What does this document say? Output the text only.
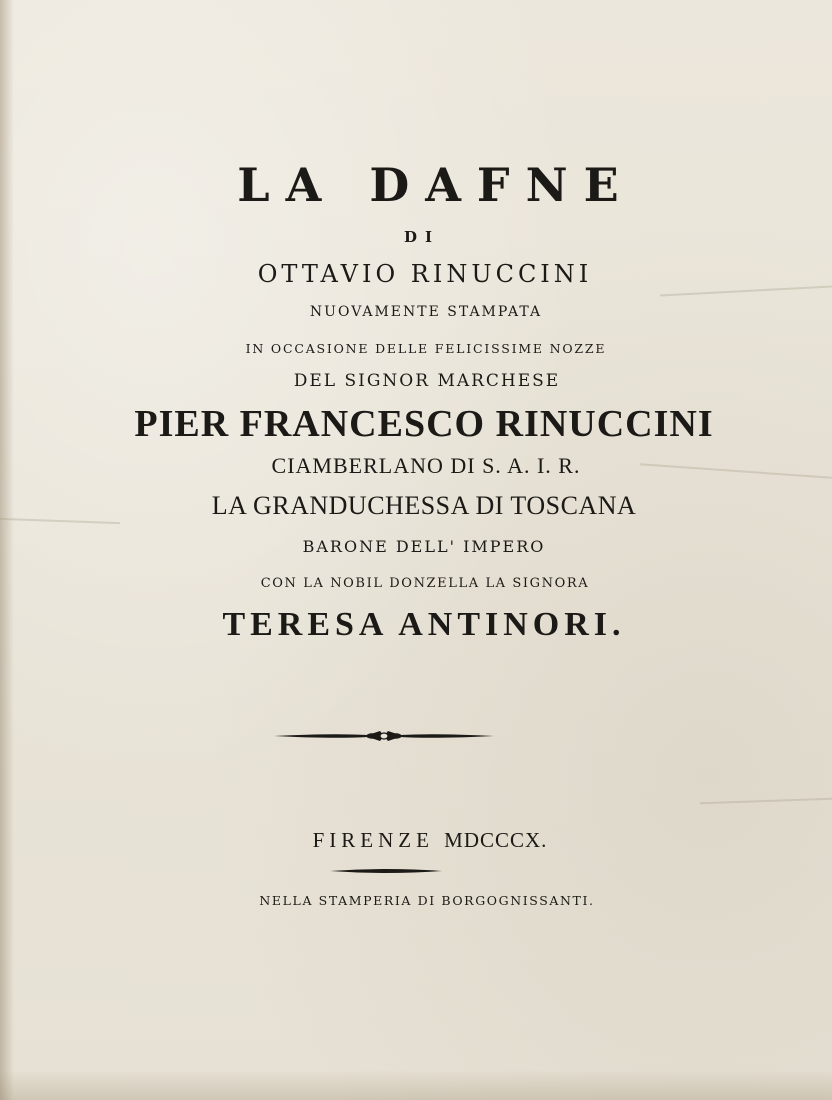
LA DAFNE
DI
OTTAVIO RINUCCINI
NUOVAMENTE STAMPATA
IN OCCASIONE DELLE FELICISSIME NOZZE
DEL SIGNOR MARCHESE
PIER FRANCESCO RINUCCINI
CIAMBERLANO DI S. A. I. R.
LA GRANDUCHESSA DI TOSCANA
BARONE DELL' IMPERO
CON LA NOBIL DONZELLA LA SIGNORA
TERESA ANTINORI.
FIRENZE MDCCCX.
NELLA STAMPERIA DI BORGOGNISSANTI.
